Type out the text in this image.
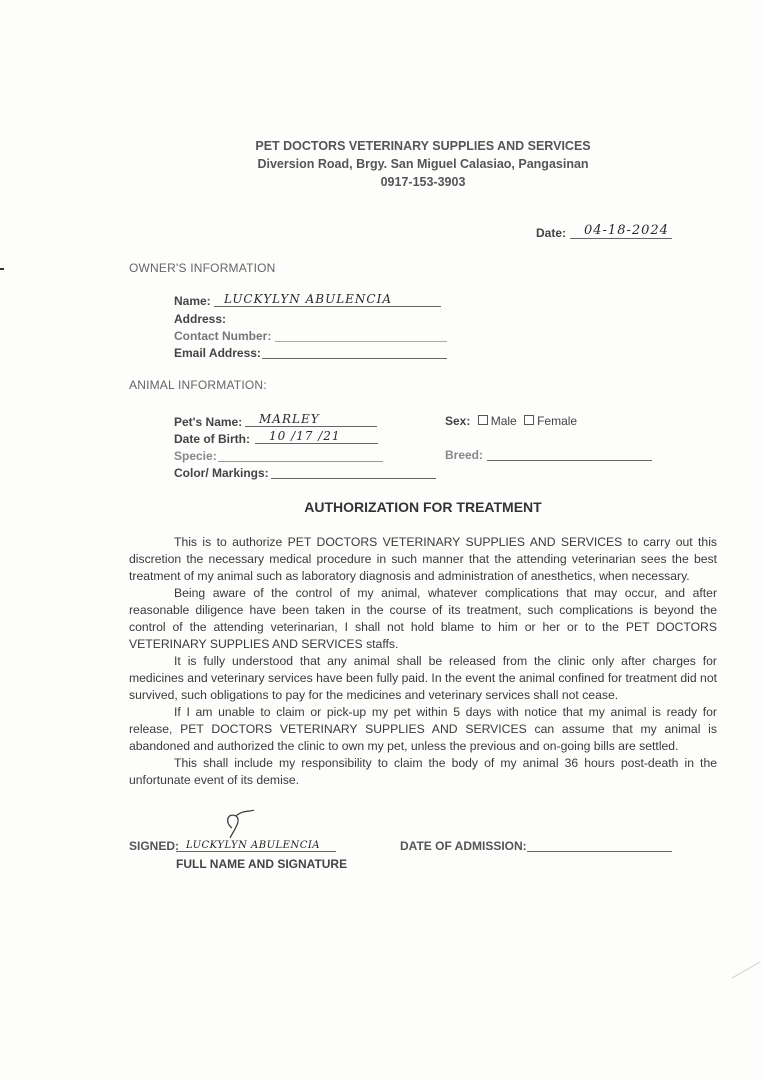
PET DOCTORS VETERINARY SUPPLIES AND SERVICES
Diversion Road, Brgy. San Miguel Calasiao, Pangasinan
0917-153-3903
Date: 04-18-2024
OWNER'S INFORMATION
Name: LUCKYLYN ABULENCIA
Address:
Contact Number:
Email Address:
ANIMAL INFORMATION:
Pet's Name: MARLEY
Date of Birth: 10 /17 /21
Specie:
Color/ Markings:
Sex: Male Female
Breed:
AUTHORIZATION FOR TREATMENT

This is to authorize PET DOCTORS VETERINARY SUPPLIES AND SERVICES to carry out this discretion the necessary medical procedure in such manner that the attending veterinarian sees the best treatment of my animal such as laboratory diagnosis and administration of anesthetics, when necessary.

Being aware of the control of my animal, whatever complications that may occur, and after reasonable diligence have been taken in the course of its treatment, such complications is beyond the control of the attending veterinarian, I shall not hold blame to him or her or to the PET DOCTORS VETERINARY SUPPLIES AND SERVICES staffs.

It is fully understood that any animal shall be released from the clinic only after charges for medicines and veterinary services have been fully paid. In the event the animal confined for treatment did not survived, such obligations to pay for the medicines and veterinary services shall not cease.

If I am unable to claim or pick-up my pet within 5 days with notice that my animal is ready for release, PET DOCTORS VETERINARY SUPPLIES AND SERVICES can assume that my animal is abandoned and authorized the clinic to own my pet, unless the previous and on-going bills are settled.

This shall include my responsibility to claim the body of my animal 36 hours post-death in the unfortunate event of its demise.

SIGNED: LUCKYLYN ABULENCIA
FULL NAME AND SIGNATURE
DATE OF ADMISSION:
